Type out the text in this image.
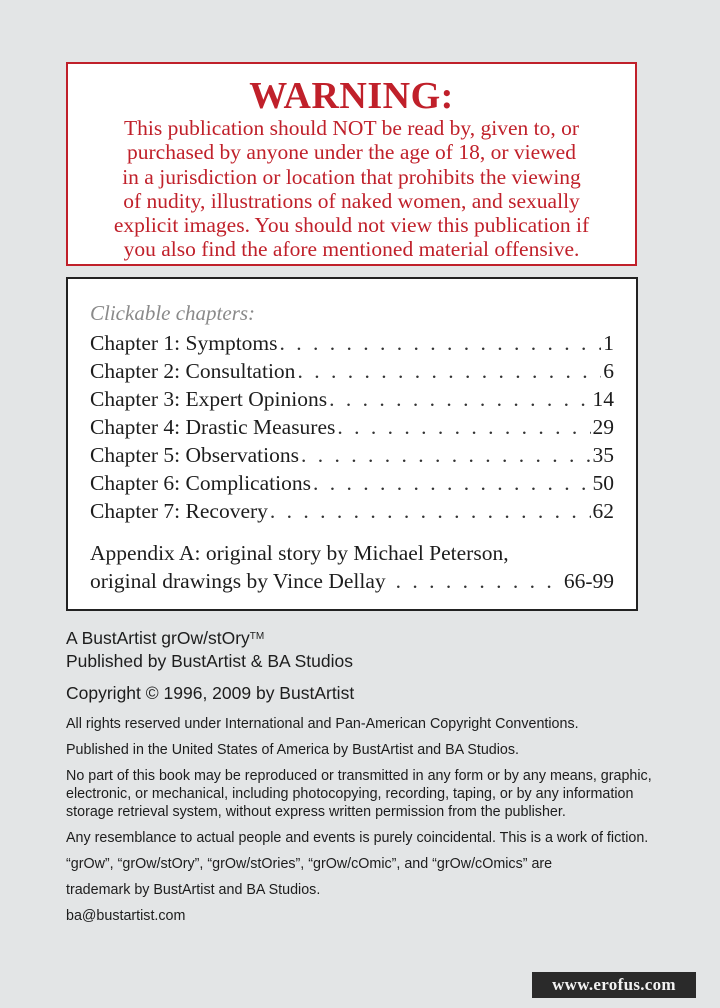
WARNING:
This publication should NOT be read by, given to, or
purchased by anyone under the age of 18, or viewed
in a jurisdiction or location that prohibits the viewing
of nudity, illustrations of naked women, and sexually
explicit images. You should not view this publication if
you also find the afore mentioned material offensive.
Clickable chapters:
Chapter 1: Symptoms . . .	1
Chapter 2: Consultation . . .	6
Chapter 3: Expert Opinions . . .	14
Chapter 4: Drastic Measures . . .	29
Chapter 5: Observations . . .	35
Chapter 6: Complications . . .	50
Chapter 7: Recovery . . .	62
Appendix A: original story by Michael Peterson,
original drawings by Vince Dellay . . .	66-99
A BustArtist grOw/stOry™
Published by BustArtist & BA Studios
Copyright © 1996, 2009 by BustArtist
All rights reserved under International and Pan-American Copyright Conventions.
Published in the United States of America by BustArtist and BA Studios.
No part of this book may be reproduced or transmitted in any form or by any means, graphic, electronic, or mechanical, including photocopying, recording, taping, or by any information storage retrieval system, without express written permission from the publisher.
Any resemblance to actual people and events is purely coincidental. This is a work of fiction.
“grOw”, “grOw/stOry”, “grOw/stOries”, “grOw/cOmic”, and “grOw/cOmics” are
trademark by BustArtist and BA Studios.
ba@bustartist.com
www.erofus.com
